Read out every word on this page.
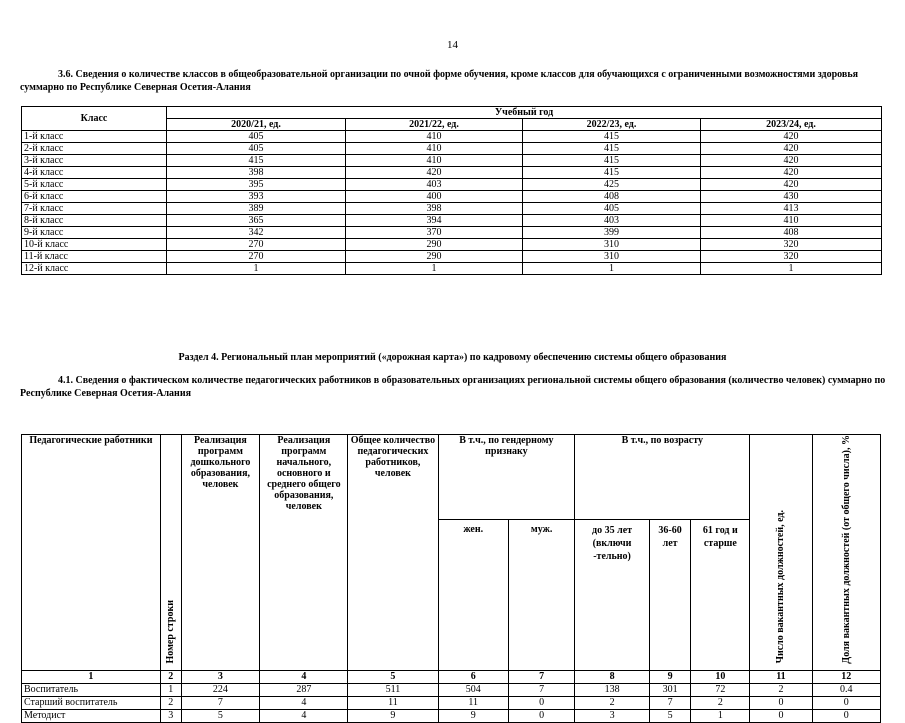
14
3.6. Сведения о количестве классов в общеобразовательной организации по очной форме обучения, кроме классов для обучающихся с ограниченными возможностями здоровья суммарно по Республике Северная Осетия-Алания
Класс	Учебный год			
	2020/21, ед.	2021/22, ед.	2022/23, ед.	2023/24, ед.
1-й класс	405	410	415	420
2-й класс	405	410	415	420
3-й класс	415	410	415	420
4-й класс	398	420	415	420
5-й класс	395	403	425	420
6-й класс	393	400	408	430
7-й класс	389	398	405	413
8-й класс	365	394	403	410
9-й класс	342	370	399	408
10-й класс	270	290	310	320
11-й класс	270	290	310	320
12-й класс	1	1	1	1
Раздел 4. Региональный план мероприятий («дорожная карта») по кадровому обеспечению системы общего образования
4.1. Сведения о фактическом количестве педагогических работников в образовательных организациях региональной системы общего образования (количество человек) суммарно по Республике Северная Осетия-Алания
Педагогические работники	Номер строки	Реализация программ дошкольного образования, человек	Реализация программ начального, основного и среднего общего образования, человек	Общее количество педагогических работников, человек	В т.ч., по гендерному признаку		В т.ч., по возрасту			Число вакантных должностей, ед.	Доля вакантных должностей (от общего числа), %
					жен.	муж.	до 35 лет (включи -тельно)	36-60 лет	61 год и старше		
1	2	3	4	5	6	7	8	9	10	11	12
Воспитатель	1	224	287	511	504	7	138	301	72	2	0.4
Старший воспитатель	2	7	4	11	11	0	2	7	2	0	0
Методист	3	5	4	9	9	0	3	5	1	0	0
